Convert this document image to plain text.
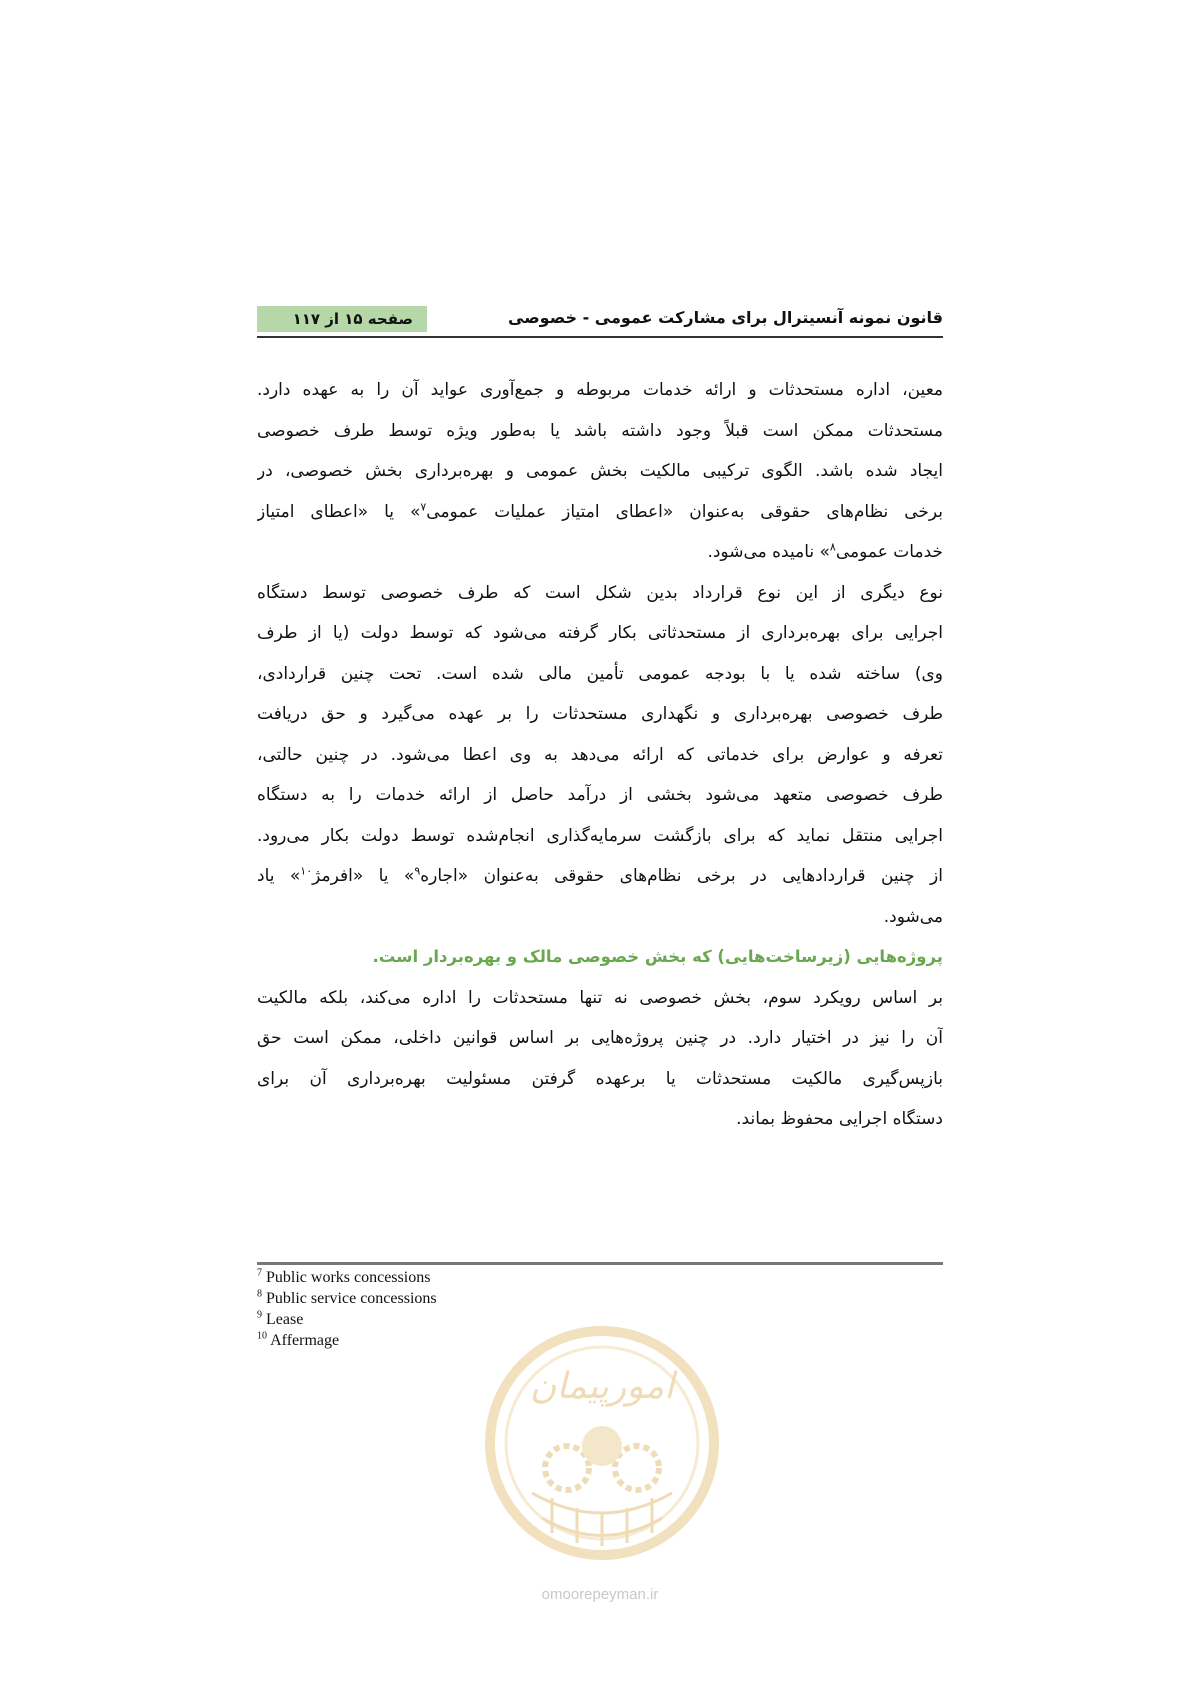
قانون نمونه آنسیترال برای مشارکت عمومی - خصوصی
صفحه ۱۵ از ۱۱۷
معین، اداره مستحدثات و ارائه خدمات مربوطه و جمع‌آوری عواید آن را به عهده دارد.
مستحدثات ممکن است قبلاً وجود داشته باشد یا به‌طور ویژه توسط طرف خصوصی
ایجاد شده باشد. الگوی ترکیبی مالکیت بخش عمومی و بهره‌برداری بخش خصوصی، در
برخی نظام‌های حقوقی به‌عنوان «اعطای امتیاز عملیات عمومی$^۷$» یا «اعطای امتیاز
خدمات عمومی$^۸$» نامیده می‌شود.
نوع دیگری از این نوع قرارداد بدین شکل است که طرف خصوصی توسط دستگاه
اجرایی برای بهره‌برداری از مستحدثاتی بکار گرفته می‌شود که توسط دولت (یا از طرف
وی) ساخته شده یا با بودجه عمومی تأمین مالی شده است. تحت چنین قراردادی،
طرف خصوصی بهره‌برداری و نگهداری مستحدثات را بر عهده می‌گیرد و حق دریافت
تعرفه و عوارض برای خدماتی که ارائه می‌دهد به وی اعطا می‌شود. در چنین حالتی،
طرف خصوصی متعهد می‌شود بخشی از درآمد حاصل از ارائه خدمات را به دستگاه
اجرایی منتقل نماید که برای بازگشت سرمایه‌گذاری انجام‌شده توسط دولت بکار می‌رود.
از چنین قراردادهایی در برخی نظام‌های حقوقی به‌عنوان «اجاره$^۹$» یا «افرمژ$^{۱۰}$» یاد
می‌شود.
پروژه‌هایی (زیرساخت‌هایی) که بخش خصوصی مالک و بهره‌بردار است.
بر اساس رویکرد سوم، بخش خصوصی نه تنها مستحدثات را اداره می‌کند، بلکه مالکیت
آن را نیز در اختیار دارد. در چنین پروژه‌هایی بر اساس قوانین داخلی، ممکن است حق
بازپس‌گیری مالکیت مستحدثات یا برعهده گرفتن مسئولیت بهره‌برداری آن برای
دستگاه اجرایی محفوظ بماند.
$^7$ Public works concessions
$^8$ Public service concessions
$^9$ Lease
$^{10}$ Affermage
امورپیمان
omoorepeyman.ir
